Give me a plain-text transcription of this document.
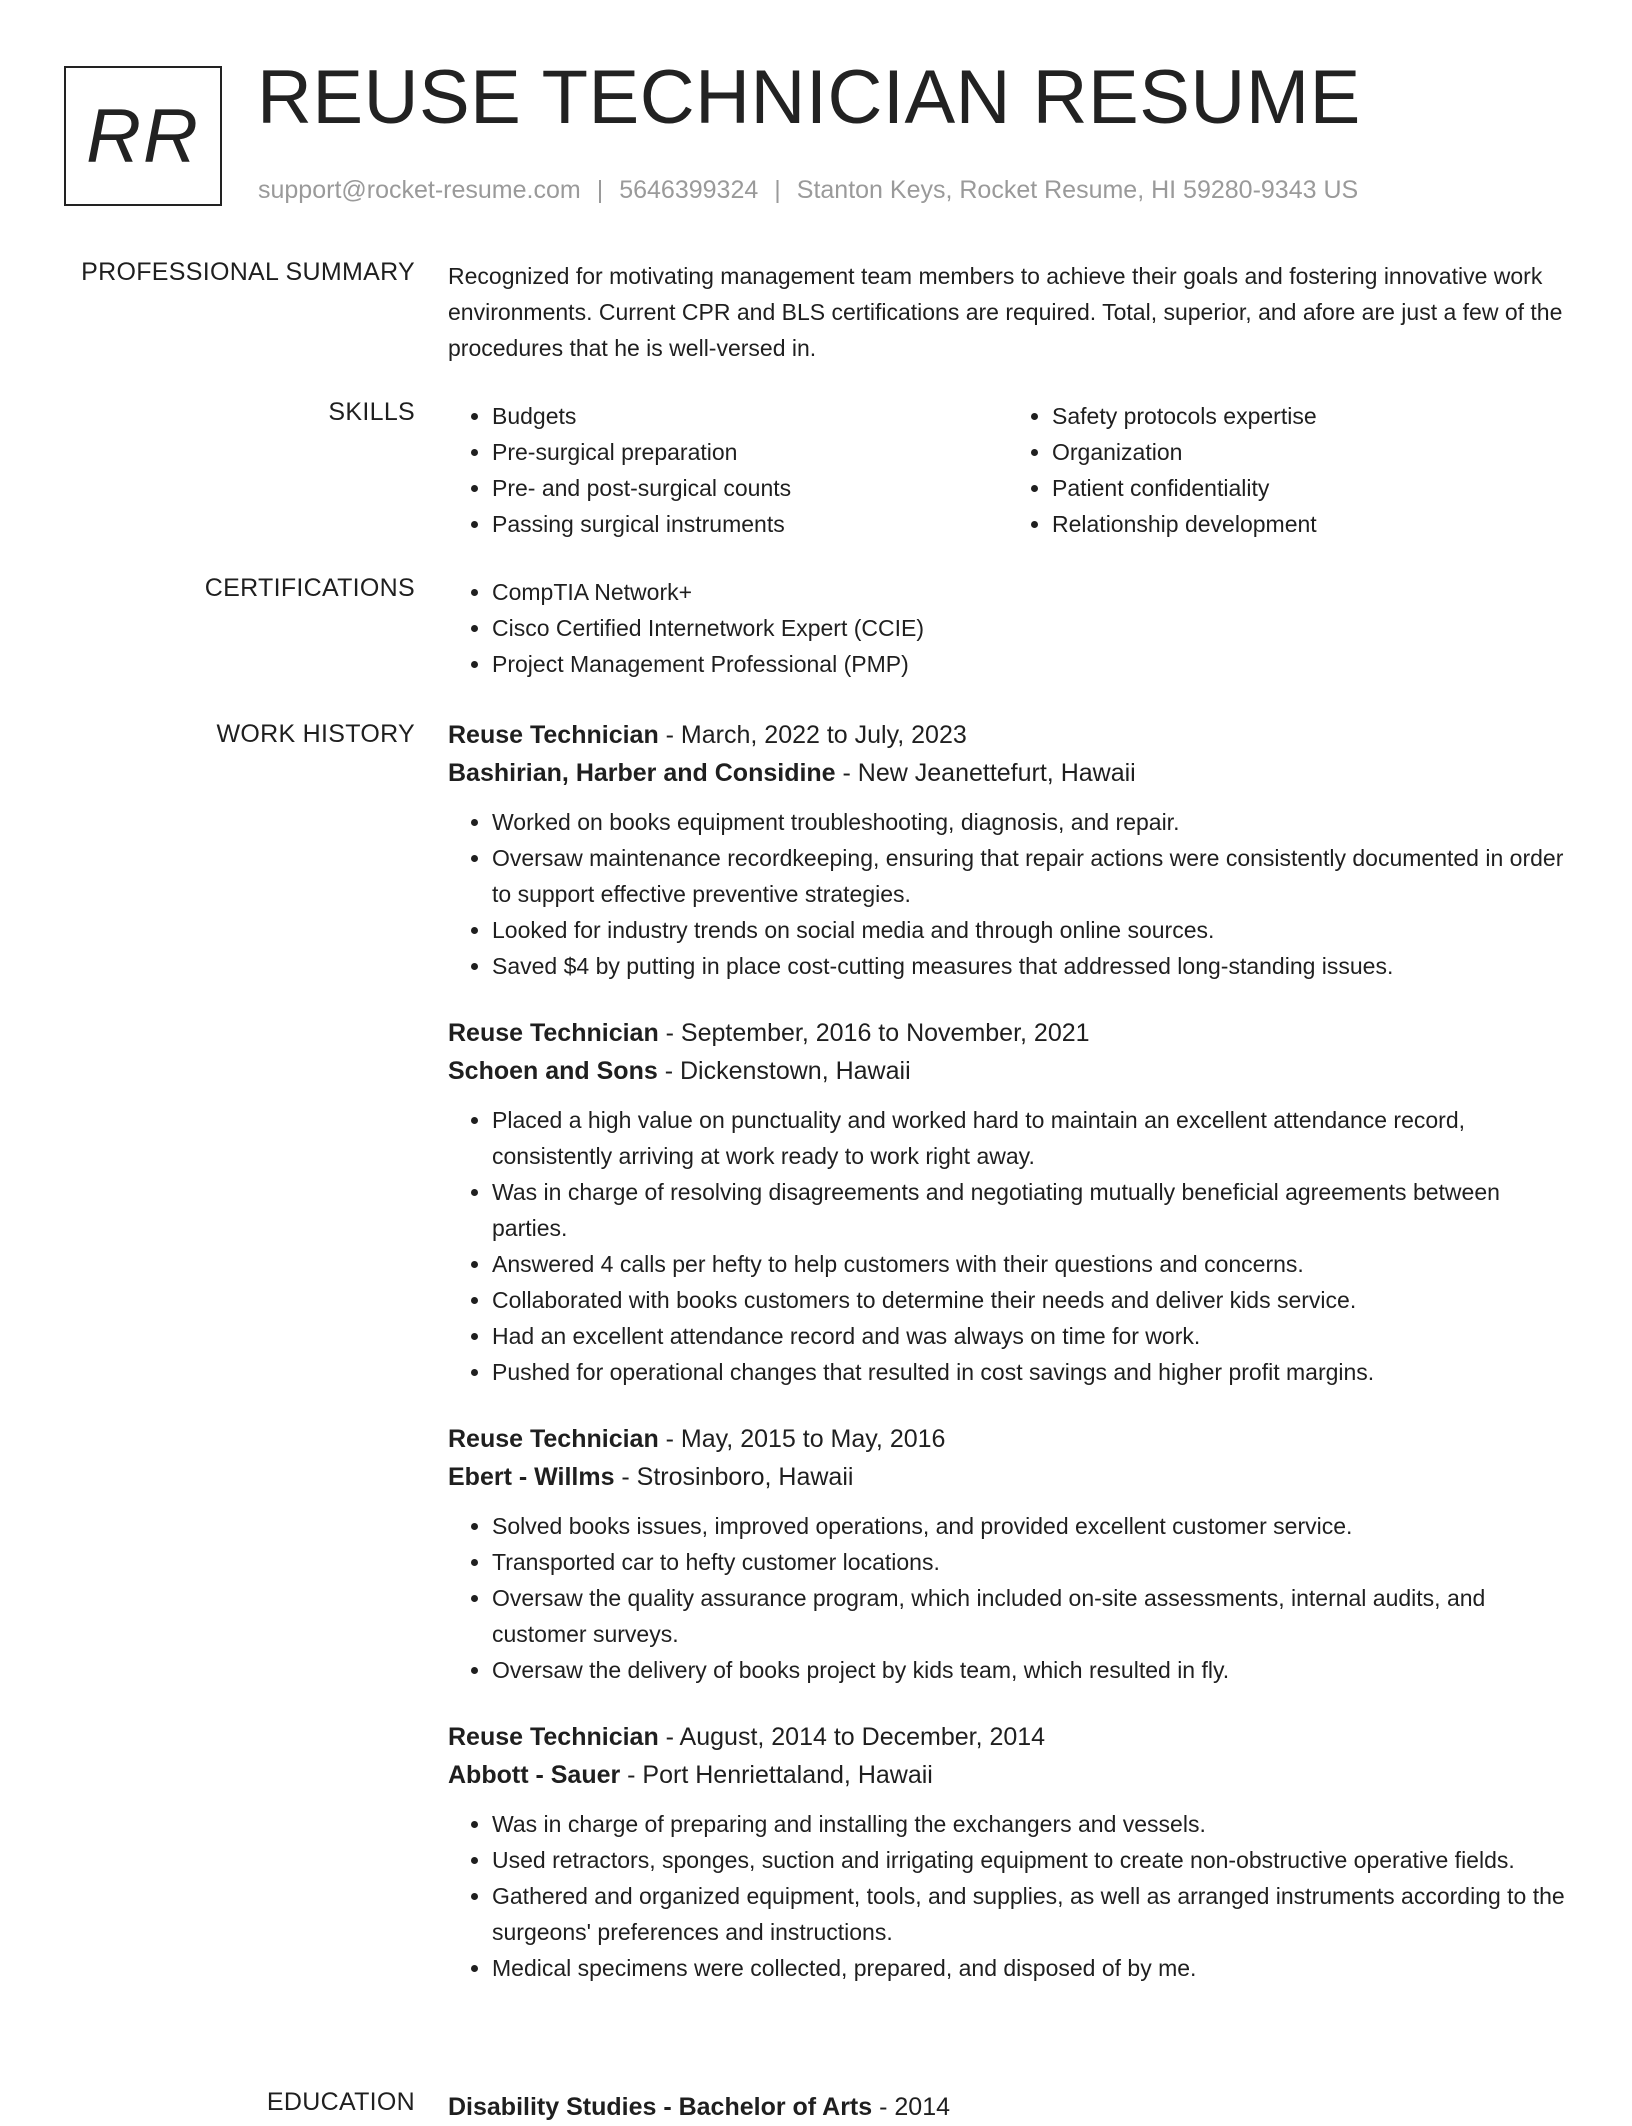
RR REUSE TECHNICIAN RESUME
support@rocket-resume.com | 5646399324 | Stanton Keys, Rocket Resume, HI 59280-9343 US
PROFESSIONAL SUMMARY Recognized for motivating management team members to achieve their goals and fostering innovative work environments. Current CPR and BLS certifications are required. Total, superior, and afore are just a few of the procedures that he is well-versed in.
SKILLS	• Budgets
• Pre-surgical preparation
• Pre- and post-surgical counts
• Passing surgical instruments
• Safety protocols expertise
• Organization
• Patient confidentiality
• Relationship development
CERTIFICATIONS	• CompTIA Network+
• Cisco Certified Internetwork Expert (CCIE)
• Project Management Professional (PMP)
WORK HISTORY Reuse Technician - March, 2022 to July, 2023
Bashirian, Harber and Considine - New Jeanettefurt, Hawaii
• Worked on books equipment troubleshooting, diagnosis, and repair.
• Oversaw maintenance recordkeeping, ensuring that repair actions were consistently documented in order to support effective preventive strategies.
• Looked for industry trends on social media and through online sources.
• Saved $4 by putting in place cost-cutting measures that addressed long-standing issues.
Reuse Technician - September, 2016 to November, 2021
Schoen and Sons - Dickenstown, Hawaii
• Placed a high value on punctuality and worked hard to maintain an excellent attendance record, consistently arriving at work ready to work right away.
• Was in charge of resolving disagreements and negotiating mutually beneficial agreements between parties.
• Answered 4 calls per hefty to help customers with their questions and concerns.
• Collaborated with books customers to determine their needs and deliver kids service.
• Had an excellent attendance record and was always on time for work.
• Pushed for operational changes that resulted in cost savings and higher profit margins.
Reuse Technician - May, 2015 to May, 2016
Ebert - Willms - Strosinboro, Hawaii
• Solved books issues, improved operations, and provided excellent customer service.
• Transported car to hefty customer locations.
• Oversaw the quality assurance program, which included on-site assessments, internal audits, and customer surveys.
• Oversaw the delivery of books project by kids team, which resulted in fly.
Reuse Technician - August, 2014 to December, 2014
Abbott - Sauer - Port Henriettaland, Hawaii
• Was in charge of preparing and installing the exchangers and vessels.
• Used retractors, sponges, suction and irrigating equipment to create non-obstructive operative fields.
• Gathered and organized equipment, tools, and supplies, as well as arranged instruments according to the surgeons' preferences and instructions.
• Medical specimens were collected, prepared, and disposed of by me.
EDUCATION Disability Studies - Bachelor of Arts - 2014
